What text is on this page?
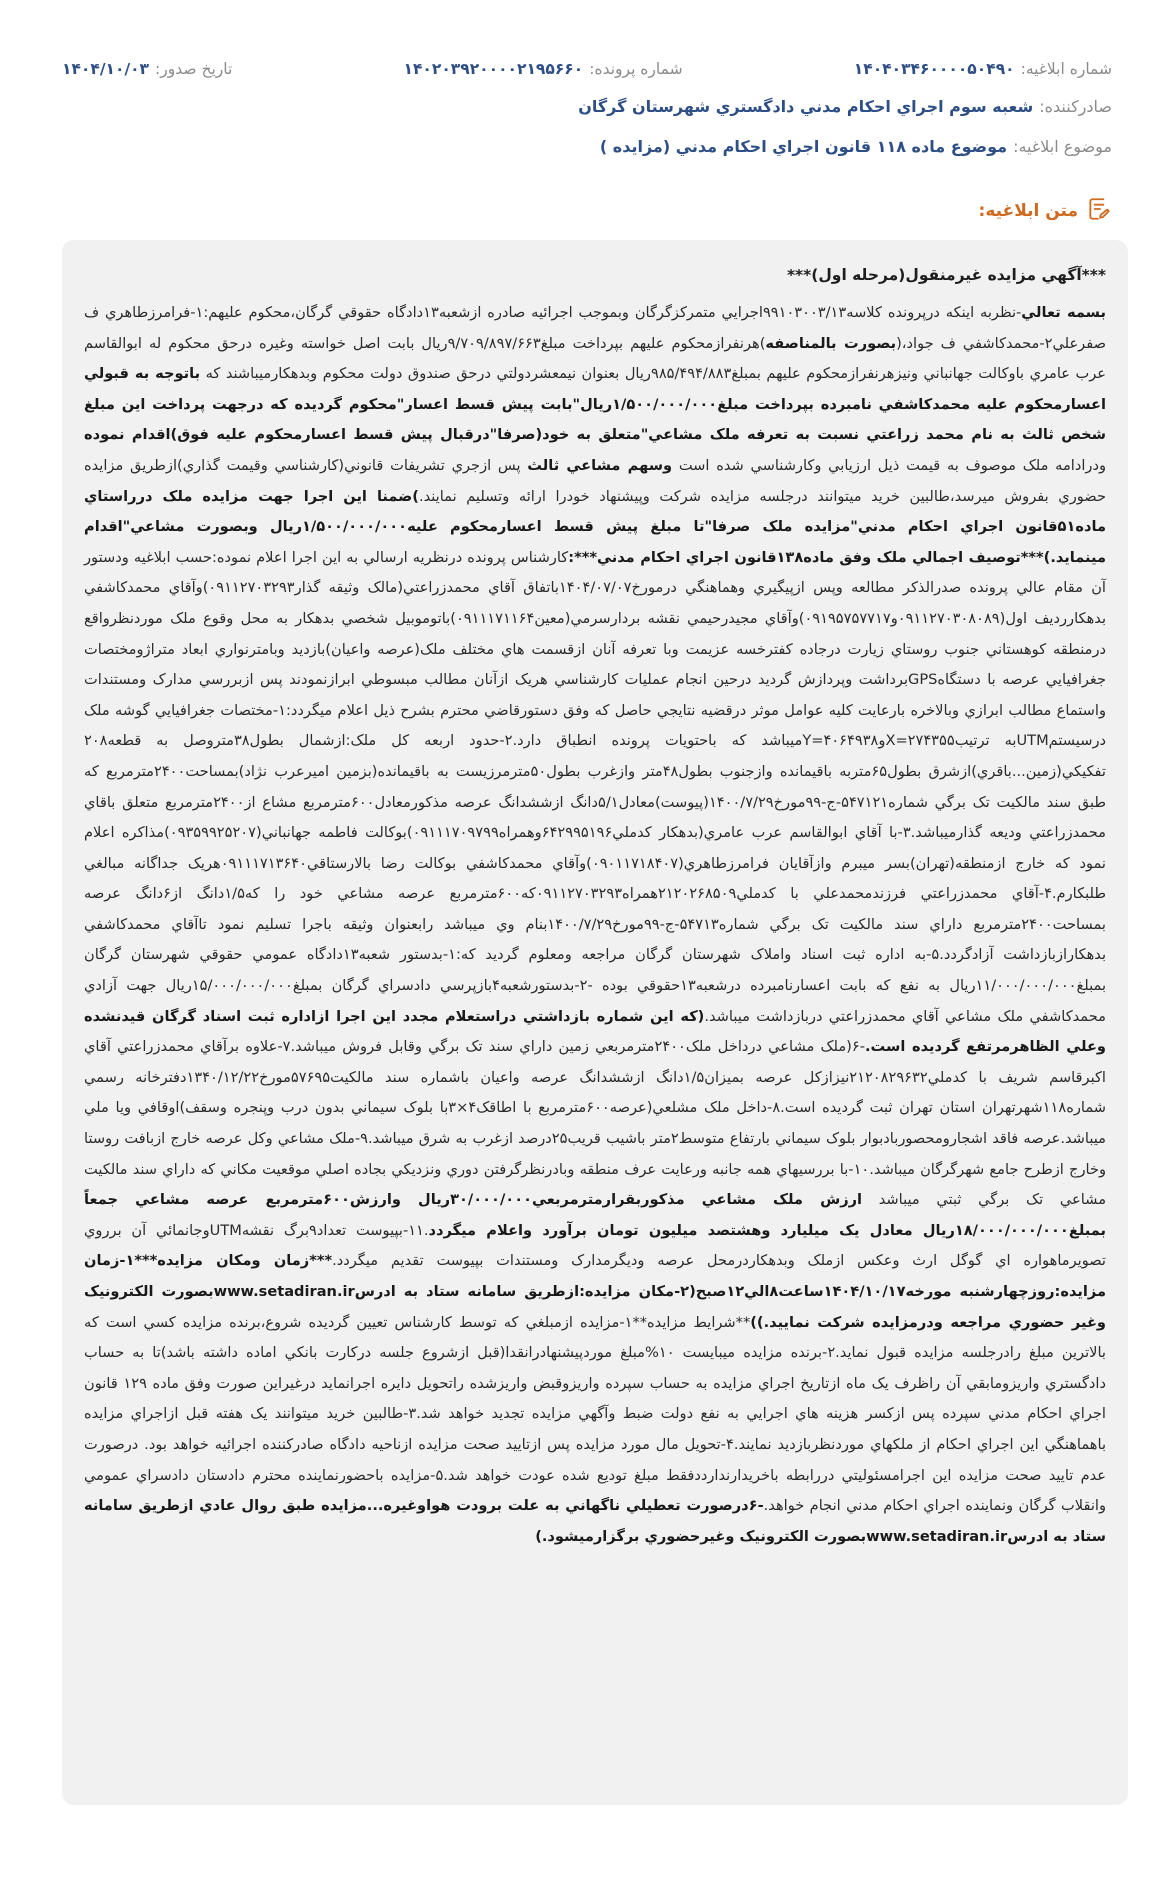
شماره ابلاغيه:
۱۴۰۴۰۳۴۶۰۰۰۰۵۰۴۹۰
شماره پرونده:
۱۴۰۲۰۳۹۲۰۰۰۰۲۱۹۵۶۶۰
تاريخ صدور:
۱۴۰۴/۱۰/۰۳
صادرکننده:
شعبه سوم اجراي احکام مدني دادگستري شهرستان گرگان
موضوع ابلاغيه:
موضوع ماده ۱۱۸ قانون اجراي احکام مدني (مزايده )
متن ابلاغيه:

***آگهي مزايده غيرمنقول(مرحله اول)***

بسمه تعالي-نظربه اينکه درپرونده کلاسه۹۹۱۰۳۰۰۳/۱۳اجرايي متمرکزگرگان وبموجب اجرائيه صادره ازشعبه۱۳دادگاه حقوقي گرگان،محکوم عليهم:۱-فرامرزطاهري ف صفرعلي۲-محمدکاشفي ف جواد،(بصورت بالمناصفه)هرنفرازمحکوم عليهم بپرداخت مبلغ۹/۷۰۹/۸۹۷/۶۶۳ريال بابت اصل خواسته وغيره درحق محکوم له ابوالقاسم عرب عامري باوکالت جهانباني ونيزهرنفرازمحکوم عليهم بمبلغ۹۸۵/۴۹۴/۸۸۳ريال بعنوان نيمعشردولتي درحق صندوق دولت محکوم وبدهکارميباشند که باتوجه به قبولي اعسارمحکوم عليه محمدکاشفي نامبرده بپرداخت مبلغ۱/۵۰۰/۰۰۰/۰۰۰ريال"بابت پيش قسط اعسار"محکوم گرديده که درجهت پرداخت اين مبلغ شخص ثالث به نام محمد زراعتي نسبت به تعرفه ملک مشاعي"متعلق به خود(صرفا"درقبال پيش قسط اعسارمحکوم عليه فوق)اقدام نموده ودرادامه ملک موصوف به قيمت ذيل ارزيابي وکارشناسي شده است وسهم مشاعي ثالث پس ازجري تشريفات قانوني(کارشناسي وقيمت گذاري)ازطريق مزايده حضوري بفروش ميرسد،طالبين خريد ميتوانند درجلسه مزايده شرکت وپيشنهاد خودرا ارائه وتسليم نمايند.)ضمنا اين اجرا جهت مزايده ملک درراستاي ماده۵۱قانون اجراي احکام مدني"مزايده ملک صرفا"تا مبلغ پيش قسط اعسارمحکوم عليه۱/۵۰۰/۰۰۰/۰۰۰ريال وبصورت مشاعي"اقدام مينمايد.)***توصيف اجمالي ملک وفق ماده۱۳۸قانون اجراي احکام مدني***:کارشناس پرونده درنظريه ارسالي به اين اجرا اعلام نموده:حسب ابلاغيه ودستور آن مقام عالي پرونده صدرالذکر مطالعه وپس ازپيگيري وهماهنگي درمورخ۱۴۰۴/۰۷/۰۷باتفاق آقاي محمدزراعتي(مالک وثيقه گذار۰۹۱۱۲۷۰۳۲۹۳)وآقاي محمدکاشفي بدهکاررديف اول(۰۹۱۱۲۷۰۳۰۸۰۸۹و۰۹۱۹۵۷۵۷۷۱۷)وآقاي مجيدرحيمي نقشه بردارسرمي(معين۰۹۱۱۱۷۱۱۶۴)باتوموبيل شخصي بدهکار به محل وقوع ملک موردنظرواقع درمنطقه کوهستاني جنوب روستاي زيارت درجاده کفترخسه عزيمت وبا تعرفه آنان ازقسمت هاي مختلف ملک(عرصه واعيان)بازديد وبامترنواري ابعاد متراژومختصات جغرافيايي عرصه با دستگاهGPSبرداشت وپردازش گرديد درحين انجام عمليات کارشناسي هريک ازآنان مطالب مبسوطي ابرازنمودند پس ازبررسي مدارک ومستندات واستماع مطالب ابرازي وبالاخره بارعايت کليه عوامل موثر درقضيه نتايجي حاصل که وفق دستورقاضي محترم بشرح ذيل اعلام ميگردد:۱-مختصات جغرافيايي گوشه ملک درسيستمUTMبه ترتيب۲۷۴۳۵۵=Xو۴۰۶۴۹۳۸=Yميباشد که باحتويات پرونده انطباق دارد.۲-حدود اربعه کل ملک:ازشمال بطول۳۸متروصل به قطعه۲۰۸ تفکيکي(زمين...باقري)ازشرق بطول۶۵متربه باقيمانده وازجنوب بطول۴۸متر وازغرب بطول۵۰مترمرزيست به باقيمانده(بزمين اميرعرب نژاد)بمساحت۲۴۰۰مترمربع که طبق سند مالکيت تک برگي شماره۵۴۷۱۲۱-ج-۹۹مورخ۱۴۰۰/۷/۲۹(پيوست)معادل۵/۱دانگ ازششدانگ عرصه مذکورمعادل۶۰۰مترمربع مشاع از۲۴۰۰مترمربع متعلق باقاي محمدزراعتي وديعه گذارميباشد.۳-با آقاي ابوالقاسم عرب عامري(بدهکار کدملي۶۴۲۹۹۵۱۹۶وهمراه۰۹۱۱۱۷۰۹۷۹۹)بوکالت فاطمه جهانباني(۰۹۳۵۹۹۲۵۲۰۷)مذاکره اعلام نمود که خارج ازمنطقه(تهران)بسر ميبرم وازآقايان فرامرزطاهري(۰۹۰۱۱۷۱۸۴۰۷)وآقاي محمدکاشفي بوکالت رضا بالارستاقي۰۹۱۱۱۷۱۳۶۴۰هريک جداگانه مبالغي طلبکارم.۴-آقاي محمدزراعتي فرزندمحمدعلي با کدملي۲۱۲۰۲۶۸۵۰۹همراه۰۹۱۱۲۷۰۳۲۹۳که۶۰۰مترمربع عرصه مشاعي خود را که۱/۵دانگ از۶دانگ عرصه بمساحت۲۴۰۰مترمربع داراي سند مالکيت تک برگي شماره۵۴۷۱۳-ج-۹۹مورخ۱۴۰۰/۷/۲۹بنام وي ميباشد رابعنوان وثيقه باجرا تسليم نمود تاآقاي محمدکاشفي بدهکارازبازداشت آزادگردد.۵-به اداره ثبت اسناد واملاک شهرستان گرگان مراجعه ومعلوم گرديد که:۱-بدستور شعبه۱۳دادگاه عمومي حقوقي شهرستان گرگان بمبلغ۱۱/۰۰۰/۰۰۰/۰۰۰ريال به نفع که بابت اعسارنامبرده درشعبه۱۳حقوقي بوده -۲-بدستورشعبه۴بازپرسي دادسراي گرگان بمبلغ۱۵/۰۰۰/۰۰۰/۰۰۰ريال جهت آزادي محمدکاشفي ملک مشاعي آقاي محمدزراعتي دربازداشت ميباشد.(که اين شماره بازداشتي دراستعلام مجدد اين اجرا ازاداره ثبت اسناد گرگان قيدنشده وعلي الظاهرمرتفع گرديده است.-۶(ملک مشاعي درداخل ملک۲۴۰۰مترمربعي زمين داراي سند تک برگي وقابل فروش ميباشد.۷-علاوه برآقاي محمدزراعتي آقاي اکبرقاسم شريف با کدملي۲۱۲۰۸۲۹۶۳۲نيزازکل عرصه بميزان۱/۵دانگ ازششدانگ عرصه واعيان باشماره سند مالکيت۵۷۶۹۵مورخ۱۳۴۰/۱۲/۲۲دفترخانه رسمي شماره۱۱۸شهرتهران استان تهران ثبت گرديده است.۸-داخل ملک مشلعي(عرصه۶۰۰مترمربع با اطاقک۴×۳با بلوک سيماني بدون درب وپنجره وسقف)اوقافي ويا ملي ميباشد.عرصه فاقد اشجارومحصوربادبوار بلوک سيماني بارتفاع متوسط۲متر باشيب قريب۲۵درصد ازغرب به شرق ميباشد.۹-ملک مشاعي وکل عرصه خارج ازبافت روستا وخارج ازطرح جامع شهرگرگان ميباشد.۱۰-با بررسيهاي همه جانبه ورعايت عرف منطقه وبادرنظرگرفتن دوري ونزديکي بجاده اصلي موقعيت مکاني که داراي سند مالکيت مشاعي تک برگي ثبتي ميباشد ارزش ملک مشاعي مذکوربقرارمترمربعي۳۰/۰۰۰/۰۰۰ريال وارزش۶۰۰مترمربع عرصه مشاعي جمعاً بمبلغ۱۸/۰۰۰/۰۰۰/۰۰۰ريال معادل يک ميليارد وهشتصد ميليون تومان برآورد واعلام ميگردد.۱۱-بپيوست تعداد۹برگ نقشهUTMوجانمائي آن برروي تصويرماهواره اي گوگل ارث وعکس ازملک وبدهکاردرمحل عرصه وديگرمدارک ومستندات بپيوست تقديم ميگردد.***زمان ومکان مزايده***۱-زمان مزايده:روزچهارشنبه مورخه۱۴۰۴/۱۰/۱۷ساعت۸الي۱۲صبح(۲-مکان مزايده:ازطريق سامانه ستاد به ادرسwww.setadiran.irبصورت الکترونيک وغير حضوري مراجعه ودرمزايده شرکت نماييد.))**شرايط مزايده**۱-مزايده ازمبلغي که توسط کارشناس تعيين گرديده شروع،برنده مزايده کسي است که بالاترين مبلغ رادرجلسه مزايده قبول نمايد.۲-برنده مزايده ميبايست ۱۰%مبلغ موردپيشنهادرانقدا(قبل ازشروع جلسه درکارت بانکي اماده داشته باشد)تا به حساب دادگستري واريزومابقي آن راظرف يک ماه ازتاريخ اجراي مزايده به حساب سپرده واريزوقبض واريزشده راتحويل دايره اجرانمايد درغيراين صورت وفق ماده ۱۲۹ قانون اجراي احکام مدني سپرده پس ازکسر هزينه هاي اجرايي به نفع دولت ضبط وآگهي مزايده تجديد خواهد شد.۳-طالبين خريد ميتوانند يک هفته قبل ازاجراي مزايده باهماهنگي اين اجراي احکام از ملکهاي موردنظربازديد نمايند.۴-تحويل مال مورد مزايده پس ازتاييد صحت مزايده ازناحيه دادگاه صادرکننده اجرائيه خواهد بود. درصورت عدم تاييد صحت مزايده اين اجرامسئوليتي دررابطه باخريدارندارددفقط مبلغ توديع شده عودت خواهد شد.۵-مزايده باحضورنماينده محترم دادستان دادسراي عمومي وانقلاب گرگان ونماينده اجراي احکام مدني انجام خواهد.-۶درصورت تعطيلي ناگهاني به علت برودت هواوغيره...مزايده طبق روال عادي ازطريق سامانه ستاد به ادرسwww.setadiran.irبصورت الکترونيک وغيرحضوري برگزارميشود.)
